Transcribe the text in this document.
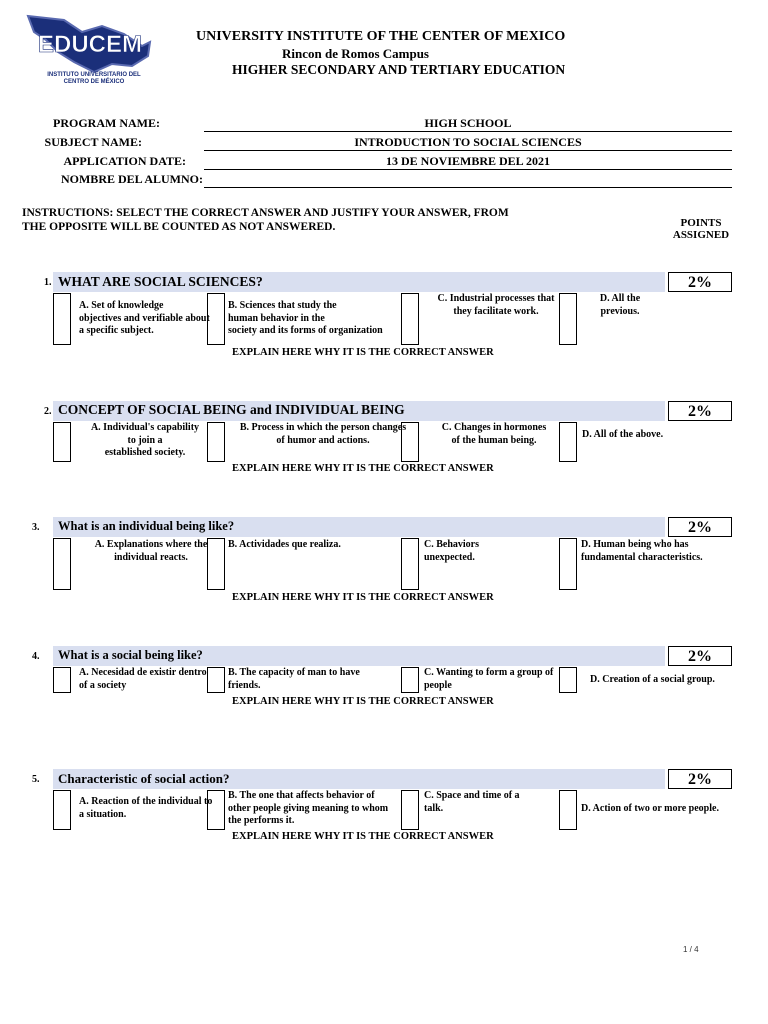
EDUCEM
INSTITUTO UNIVERSITARIO DEL CENTRO DE MÉXICO
UNIVERSITY INSTITUTE OF THE CENTER OF MEXICO
Rincon de Romos Campus
HIGHER SECONDARY AND TERTIARY EDUCATION
PROGRAM NAME:	HIGH SCHOOL
SUBJECT NAME:	INTRODUCTION TO SOCIAL SCIENCES
APPLICATION DATE:	13 DE NOVIEMBRE DEL 2021
NOMBRE DEL ALUMNO:
INSTRUCTIONS: SELECT THE CORRECT ANSWER AND JUSTIFY YOUR ANSWER, FROM
THE OPPOSITE WILL BE COUNTED AS NOT ANSWERED.	POINTS
ASSIGNED
1. WHAT ARE SOCIAL SCIENCES?	2%
A. Set of knowledge
objectives and verifiable about
a specific subject.
B. Sciences that study the
human behavior in the
society and its forms of organization
C. Industrial processes that
they facilitate work.
D. All the
previous.
EXPLAIN HERE WHY IT IS THE CORRECT ANSWER
2. CONCEPT OF SOCIAL BEING and INDIVIDUAL BEING	2%
A. Individual's capability
to join a
established society.
B. Process in which the person changes
of humor and actions.
C. Changes in hormones
of the human being.	D. All of the above.
EXPLAIN HERE WHY IT IS THE CORRECT ANSWER
3. What is an individual being like?	2%
A. Explanations where the
individual reacts.
B. Actividades que realiza.	C. Behaviors
unexpected.
D. Human being who has
fundamental characteristics.
EXPLAIN HERE WHY IT IS THE CORRECT ANSWER
4. What is a social being like?	2%
A. Necesidad de existir dentro
of a society
B. The capacity of man to have
friends.
C. Wanting to form a group of
people	D. Creation of a social group.
EXPLAIN HERE WHY IT IS THE CORRECT ANSWER
5. Characteristic of social action?	2%
A. Reaction of the individual to
a situation.
B. The one that affects behavior of
other people giving meaning to whom
the performs it.
C. Space and time of a
talk.	D. Action of two or more people.
EXPLAIN HERE WHY IT IS THE CORRECT ANSWER
1 / 4
